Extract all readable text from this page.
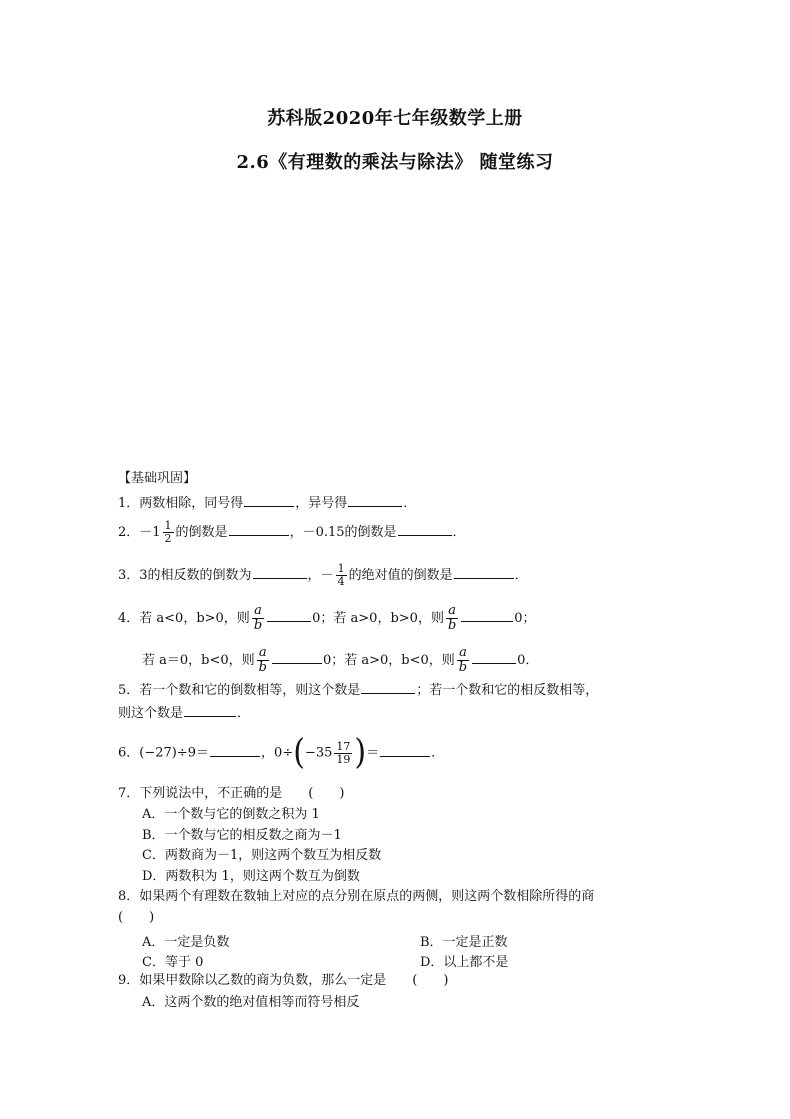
苏科版2020年七年级数学上册
2.6《有理数的乘法与除法》 随堂练习
【基础巩固】
1．两数相除，同号得	，异号得	．
2．$-1 \frac{1}{2}$ 的倒数是	，－0.15的倒数是	．
3．3的相反数的倒数为	，－ $\frac{1}{4}$ 的绝对值的倒数是	．
4．若 a<0，b>0，则 $\frac{a}{b}$	0；若 a>0，b>0，则 $\frac{a}{b}$	0；
若 a＝0，b<0，则 $\frac{a}{b}$	0；若 a>0，b<0，则 $\frac{a}{b}$	0．
5．若一个数和它的倒数相等，则这个数是	；若一个数和它的相反数相等，
则这个数是	．
6．(−27)÷9＝	，$0\div(-35 \frac{17}{19}$ )＝	．
7．下列说法中，不正确的是　　(　　)
A．一个数与它的倒数之积为 1
B．一个数与它的相反数之商为－1
C．两数商为－1，则这两个数互为相反数
D．两数积为 1，则这两个数互为倒数
8．如果两个有理数在数轴上对应的点分别在原点的两侧，则这两个数相除所得的商
(　　)
A．一定是负数	B．一定是正数
C．等于 0	D．以上都不是
9．如果甲数除以乙数的商为负数，那么一定是　　(　　)
A．这两个数的绝对值相等而符号相反
